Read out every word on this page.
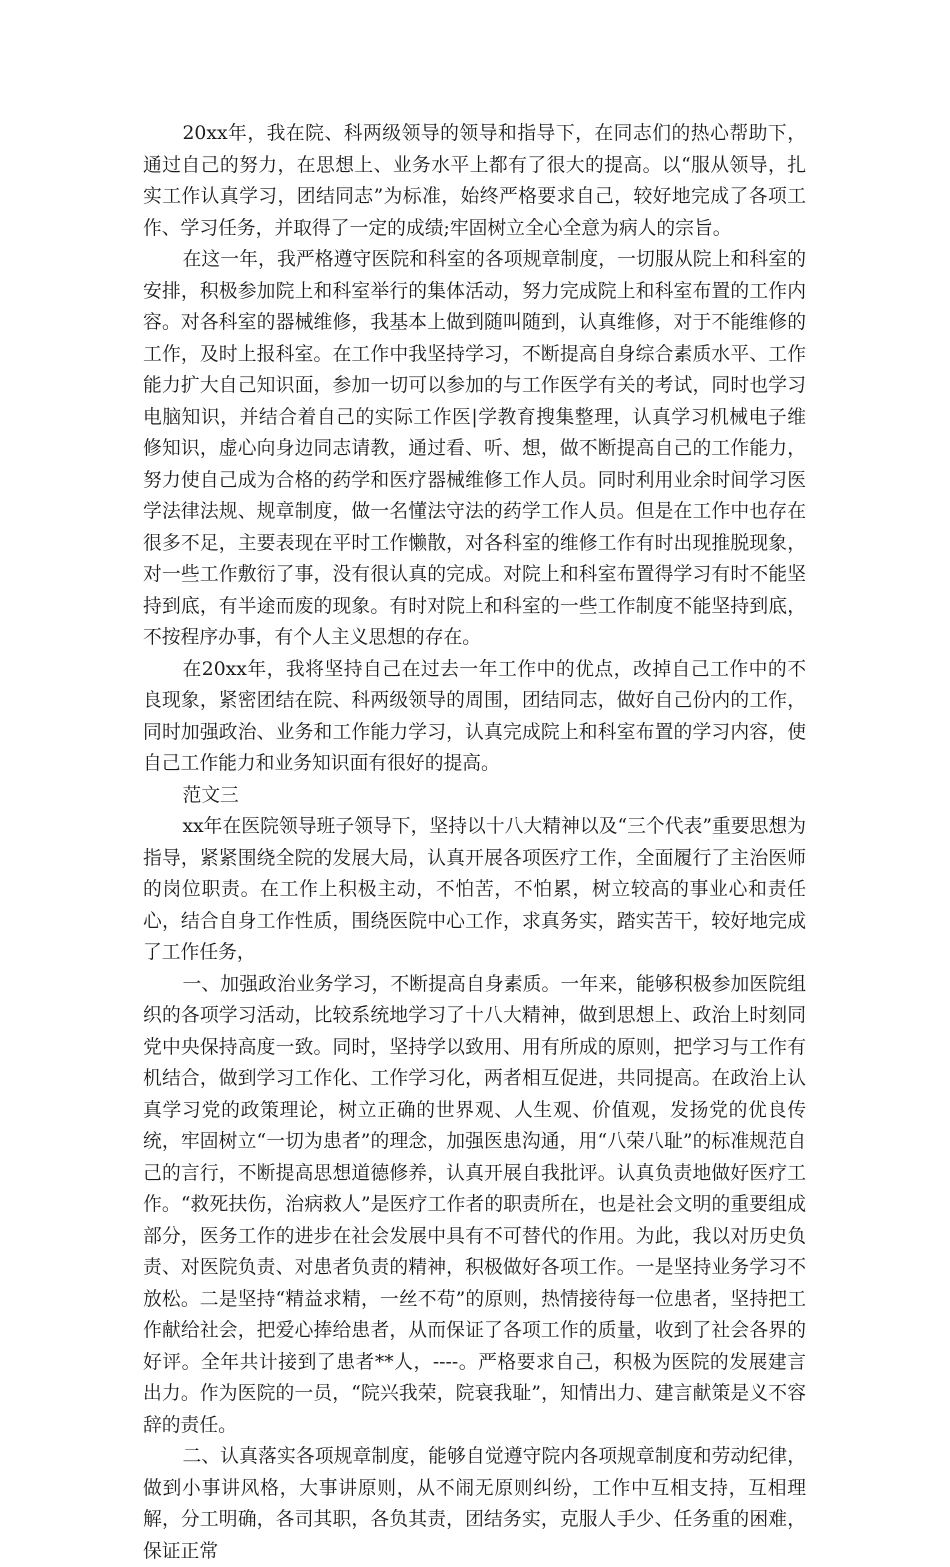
20xx年，我在院、科两级领导的领导和指导下，在同志们的热心帮助下，通过自己的努力，在思想上、业务水平上都有了很大的提高。以“服从领导，扎实工作认真学习，团结同志”为标准，始终严格要求自己，较好地完成了各项工作、学习任务，并取得了一定的成绩;牢固树立全心全意为病人的宗旨。

在这一年，我严格遵守医院和科室的各项规章制度，一切服从院上和科室的安排，积极参加院上和科室举行的集体活动，努力完成院上和科室布置的工作内容。对各科室的器械维修，我基本上做到随叫随到，认真维修，对于不能维修的工作，及时上报科室。在工作中我坚持学习，不断提高自身综合素质水平、工作能力扩大自己知识面，参加一切可以参加的与工作医学有关的考试，同时也学习电脑知识，并结合着自己的实际工作医|学教育搜集整理，认真学习机械电子维修知识，虚心向身边同志请教，通过看、听、想，做不断提高自己的工作能力，努力使自己成为合格的药学和医疗器械维修工作人员。同时利用业余时间学习医学法律法规、规章制度，做一名懂法守法的药学工作人员。但是在工作中也存在很多不足，主要表现在平时工作懒散，对各科室的维修工作有时出现推脱现象，对一些工作敷衍了事，没有很认真的完成。对院上和科室布置得学习有时不能坚持到底，有半途而废的现象。有时对院上和科室的一些工作制度不能坚持到底，不按程序办事，有个人主义思想的存在。

在20xx年，我将坚持自己在过去一年工作中的优点，改掉自己工作中的不良现象，紧密团结在院、科两级领导的周围，团结同志，做好自己份内的工作，同时加强政治、业务和工作能力学习，认真完成院上和科室布置的学习内容，使自己工作能力和业务知识面有很好的提高。

范文三

xx年在医院领导班子领导下，坚持以十八大精神以及“三个代表”重要思想为指导，紧紧围绕全院的发展大局，认真开展各项医疗工作，全面履行了主治医师的岗位职责。在工作上积极主动，不怕苦，不怕累，树立较高的事业心和责任心，结合自身工作性质，围绕医院中心工作，求真务实，踏实苦干，较好地完成了工作任务，

一、加强政治业务学习，不断提高自身素质。一年来，能够积极参加医院组织的各项学习活动，比较系统地学习了十八大精神，做到思想上、政治上时刻同党中央保持高度一致。同时，坚持学以致用、用有所成的原则，把学习与工作有机结合，做到学习工作化、工作学习化，两者相互促进，共同提高。在政治上认真学习党的政策理论，树立正确的世界观、人生观、价值观，发扬党的优良传统，牢固树立“一切为患者”的理念，加强医患沟通，用“八荣八耻”的标准规范自己的言行，不断提高思想道德修养，认真开展自我批评。认真负责地做好医疗工作。“救死扶伤，治病救人”是医疗工作者的职责所在，也是社会文明的重要组成部分，医务工作的进步在社会发展中具有不可替代的作用。为此，我以对历史负责、对医院负责、对患者负责的精神，积极做好各项工作。一是坚持业务学习不放松。二是坚持“精益求精，一丝不苟”的原则，热情接待每一位患者，坚持把工作献给社会，把爱心捧给患者，从而保证了各项工作的质量，收到了社会各界的好评。全年共计接到了患者**人，----。严格要求自己，积极为医院的发展建言出力。作为医院的一员，“院兴我荣，院衰我耻”，知情出力、建言献策是义不容辞的责任。

二、认真落实各项规章制度，能够自觉遵守院内各项规章制度和劳动纪律，做到小事讲风格，大事讲原则，从不闹无原则纠纷，工作中互相支持，互相理解，分工明确，各司其职，各负其责，团结务实，克服人手少、任务重的困难，保证正常
